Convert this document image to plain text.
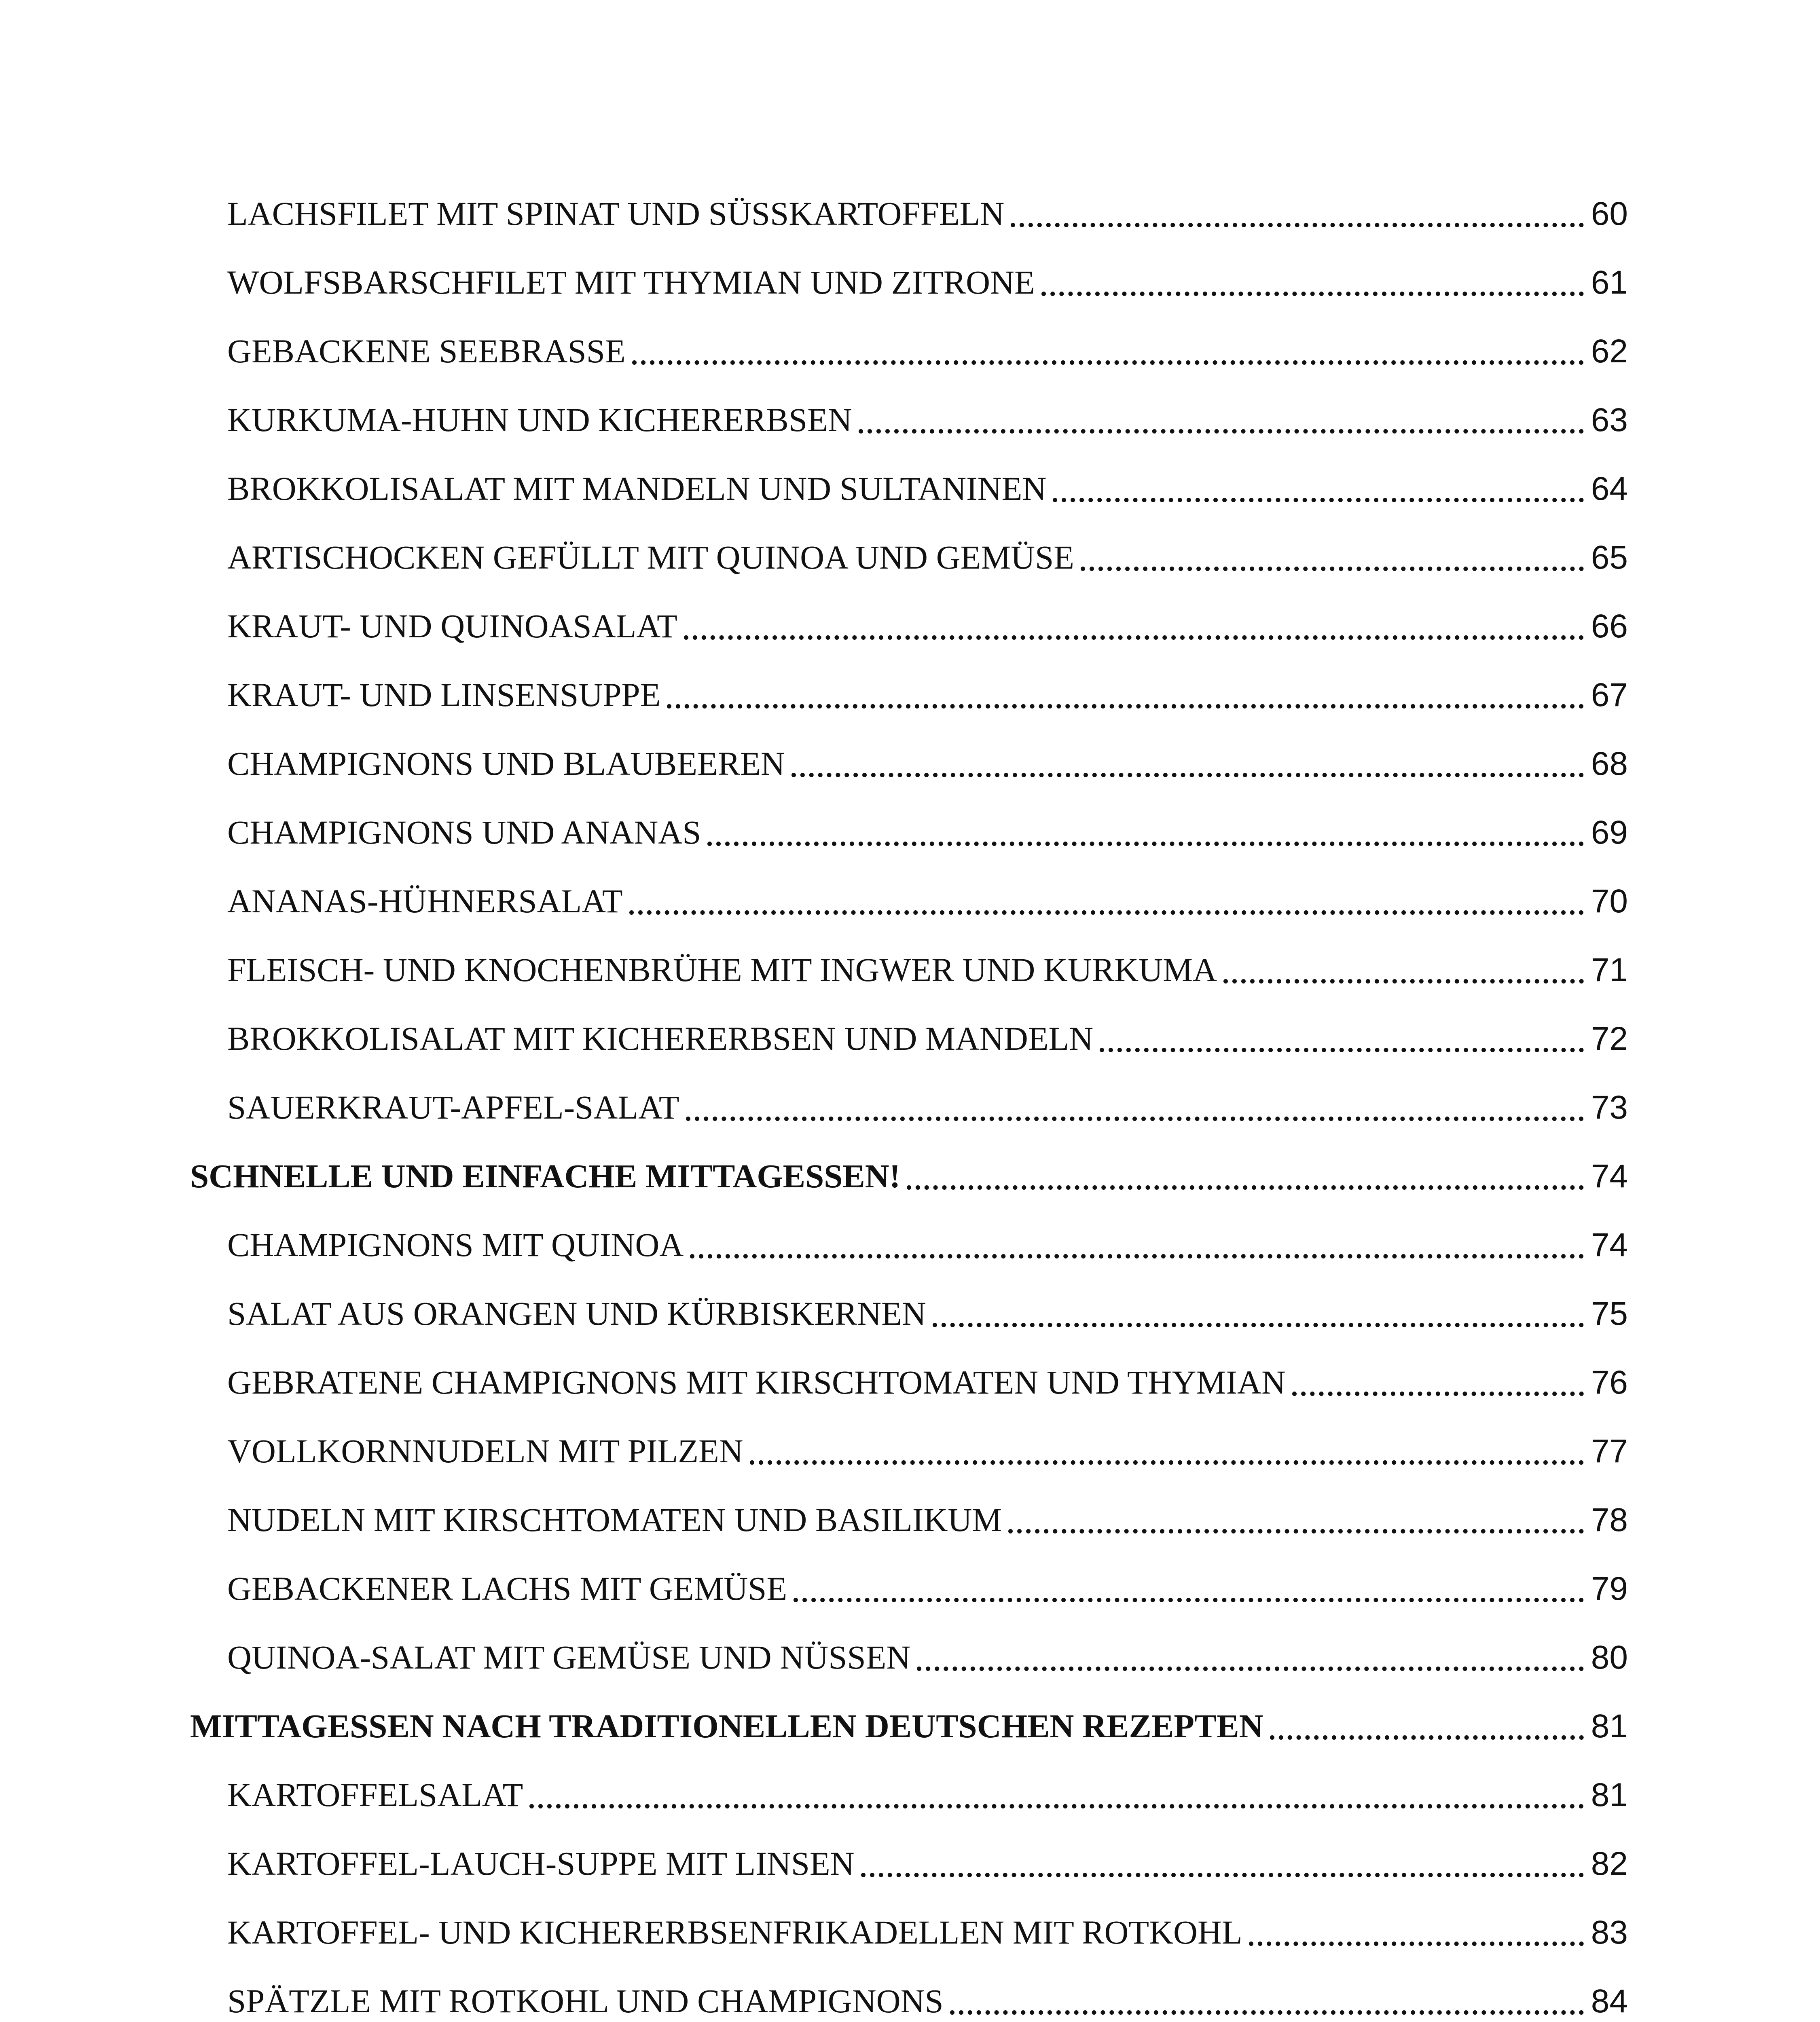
LACHSFILET MIT SPINAT UND SÜSSKARTOFFELN	60
WOLFSBARSCHFILET MIT THYMIAN UND ZITRONE	61
GEBACKENE SEEBRASSE	62
KURKUMA-HUHN UND KICHERERBSEN	63
BROKKOLISALAT MIT MANDELN UND SULTANINEN	64
ARTISCHOCKEN GEFÜLLT MIT QUINOA UND GEMÜSE	65
KRAUT- UND QUINOASALAT	66
KRAUT- UND LINSENSUPPE	67
CHAMPIGNONS UND BLAUBEEREN	68
CHAMPIGNONS UND ANANAS	69
ANANAS-HÜHNERSALAT	70
FLEISCH- UND KNOCHENBRÜHE MIT INGWER UND KURKUMA	71
BROKKOLISALAT MIT KICHERERBSEN UND MANDELN	72
SAUERKRAUT-APFEL-SALAT	73
SCHNELLE UND EINFACHE MITTAGESSEN!	74
CHAMPIGNONS MIT QUINOA	74
SALAT AUS ORANGEN UND KÜRBISKERNEN	75
GEBRATENE CHAMPIGNONS MIT KIRSCHTOMATEN UND THYMIAN	76
VOLLKORNNUDELN MIT PILZEN	77
NUDELN MIT KIRSCHTOMATEN UND BASILIKUM	78
GEBACKENER LACHS MIT GEMÜSE	79
QUINOA-SALAT MIT GEMÜSE UND NÜSSEN	80
MITTAGESSEN NACH TRADITIONELLEN DEUTSCHEN REZEPTEN	81
KARTOFFELSALAT	81
KARTOFFEL-LAUCH-SUPPE MIT LINSEN	82
KARTOFFEL- UND KICHERERBSENFRIKADELLEN MIT ROTKOHL	83
SPÄTZLE MIT ROTKOHL UND CHAMPIGNONS	84
